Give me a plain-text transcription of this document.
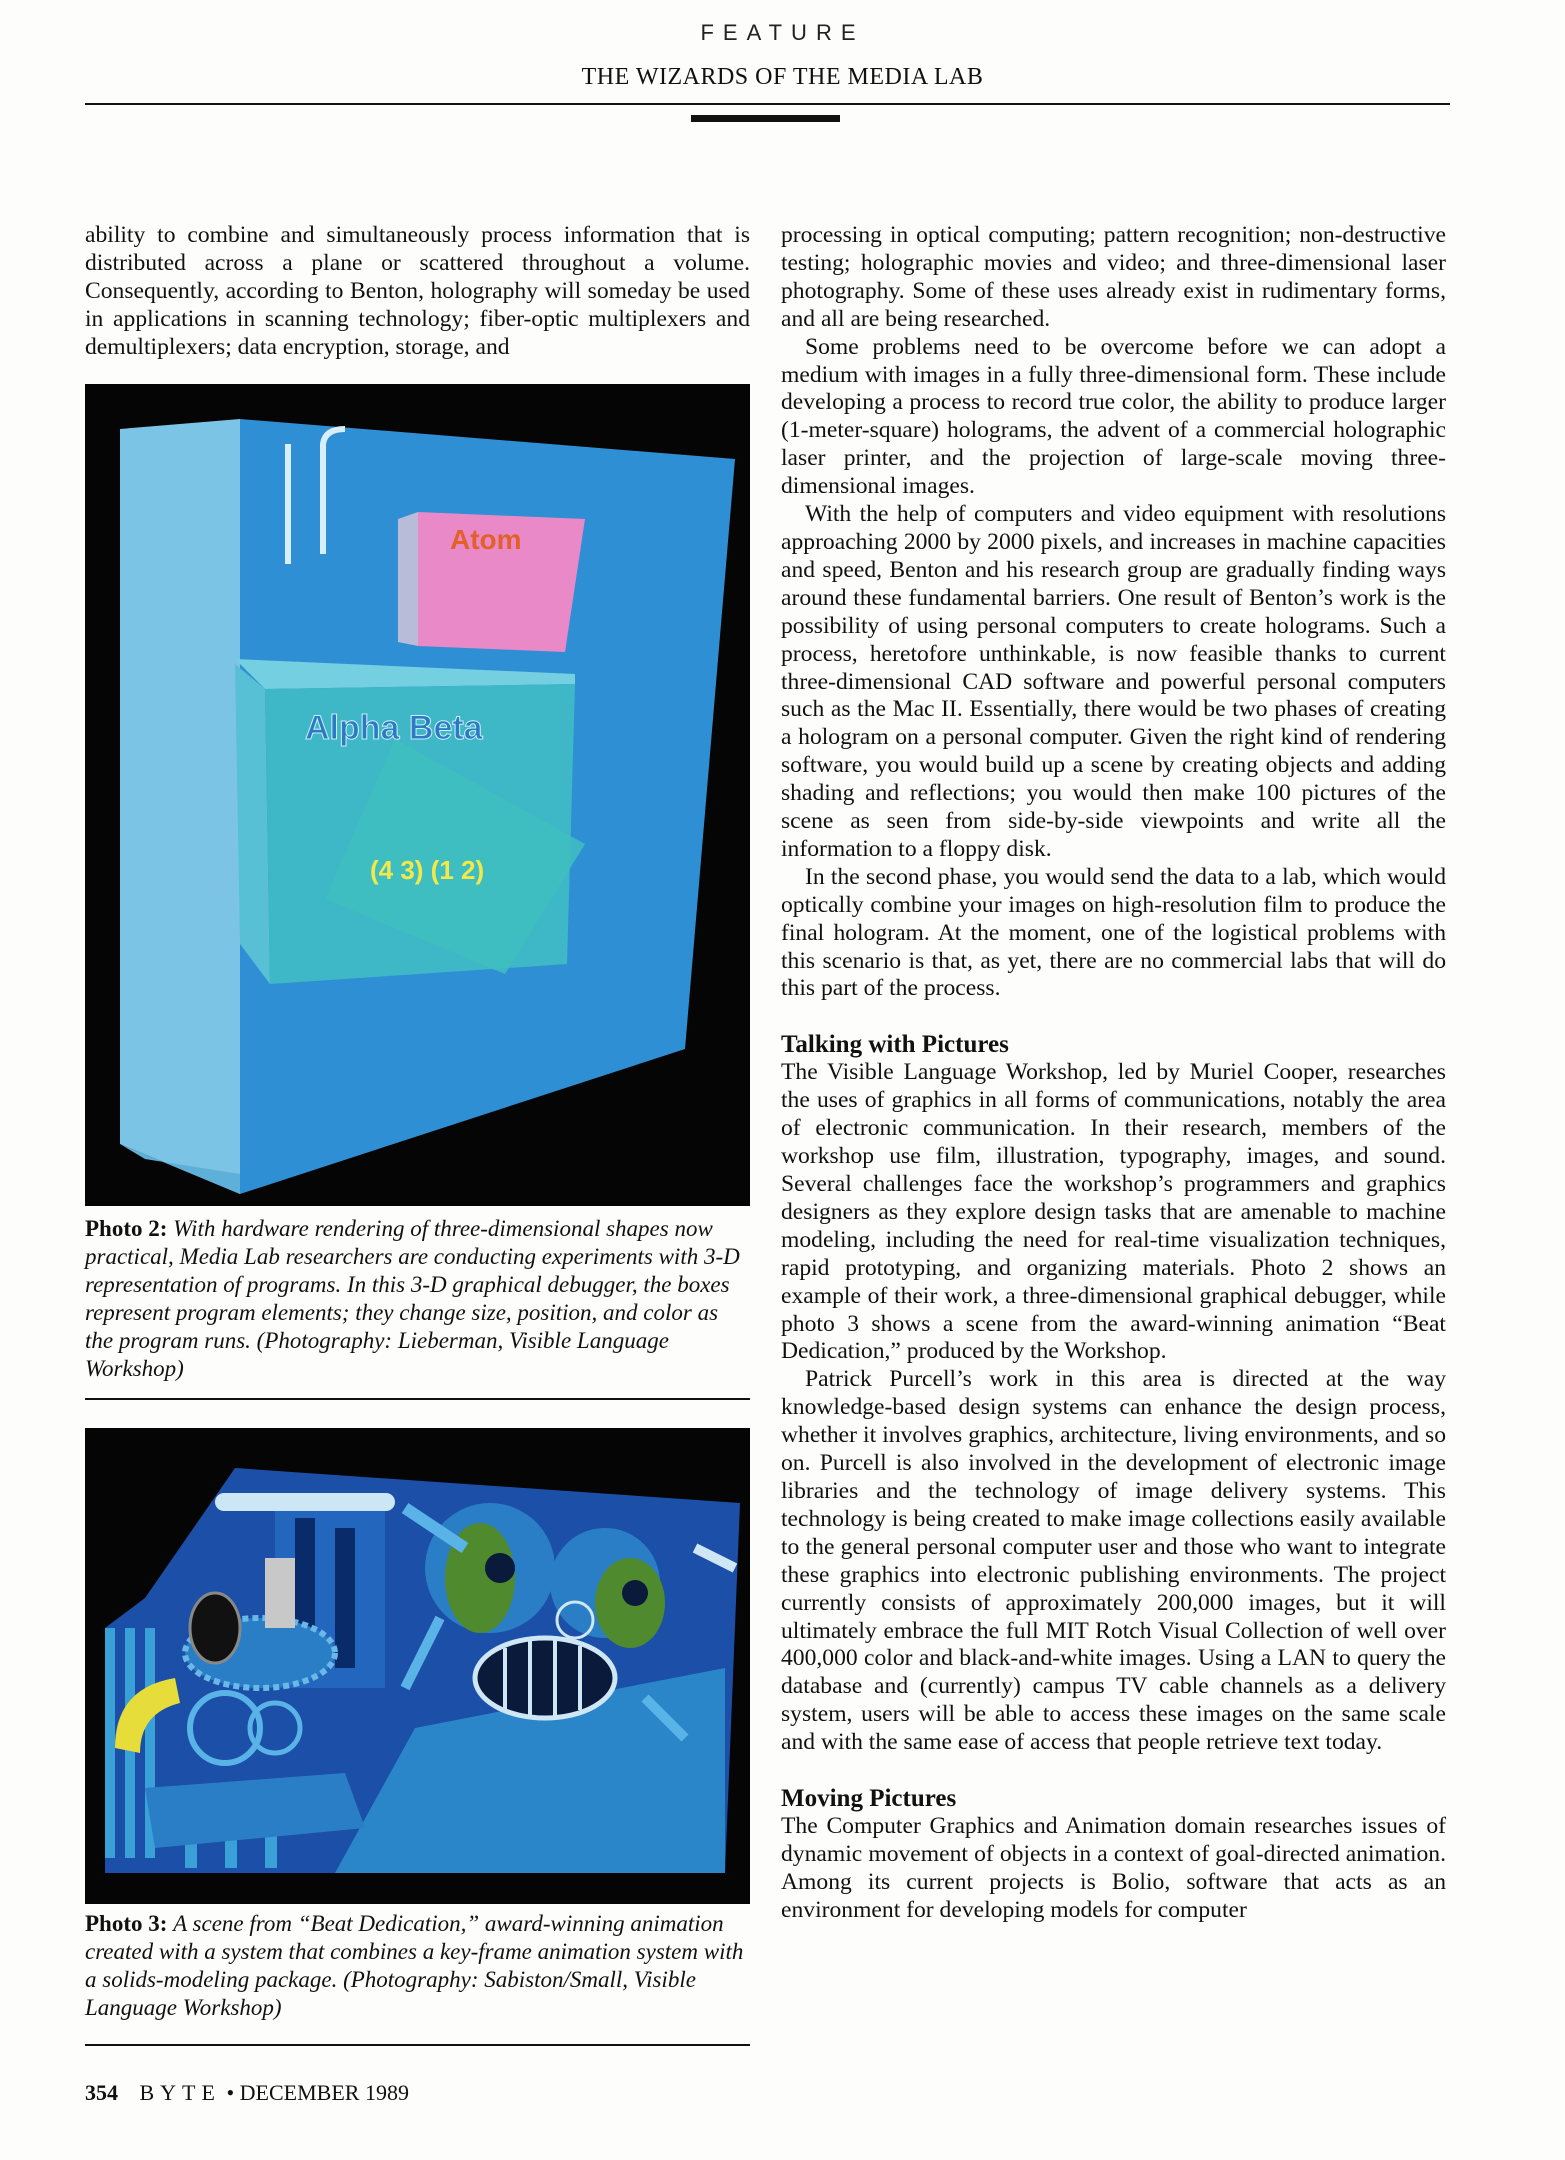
FEATURE
THE WIZARDS OF THE MEDIA LAB

ability to combine and simultaneously process information that is distributed across a plane or scattered throughout a volume. Consequently, according to Benton, holography will someday be used in applications in scanning technology; fiber-optic multiplexers and demultiplexers; data encryption, storage, and

Atom
Alpha Beta
(4 3) (1 2)
Photo 2: With hardware rendering of three-dimensional shapes now practical, Media Lab researchers are conducting experiments with 3-D representation of programs. In this 3-D graphical debugger, the boxes represent program elements; they change size, position, and color as the program runs. (Photography: Lieberman, Visible Language Workshop)
Photo 3: A scene from “Beat Dedication,” award-winning animation created with a system that combines a key-frame animation system with a solids-modeling package. (Photography: Sabiston/Small, Visible Language Workshop)

processing in optical computing; pattern recognition; non-destructive testing; holographic movies and video; and three-dimensional laser photography. Some of these uses already exist in rudimentary forms, and all are being researched.

Some problems need to be overcome before we can adopt a medium with images in a fully three-dimensional form. These include developing a process to record true color, the ability to produce larger (1-meter-square) holograms, the advent of a commercial holographic laser printer, and the projection of large-scale moving three-dimensional images.

With the help of computers and video equipment with resolutions approaching 2000 by 2000 pixels, and increases in machine capacities and speed, Benton and his research group are gradually finding ways around these fundamental barriers. One result of Benton’s work is the possibility of using personal computers to create holograms. Such a process, heretofore unthinkable, is now feasible thanks to current three-dimensional CAD software and powerful personal computers such as the Mac II. Essentially, there would be two phases of creating a hologram on a personal computer. Given the right kind of rendering software, you would build up a scene by creating objects and adding shading and reflections; you would then make 100 pictures of the scene as seen from side-by-side viewpoints and write all the information to a floppy disk.

In the second phase, you would send the data to a lab, which would optically combine your images on high-resolution film to produce the final hologram. At the moment, one of the logistical problems with this scenario is that, as yet, there are no commercial labs that will do this part of the process.

Talking with Pictures

The Visible Language Workshop, led by Muriel Cooper, researches the uses of graphics in all forms of communications, notably the area of electronic communication. In their research, members of the workshop use film, illustration, typography, images, and sound. Several challenges face the workshop’s programmers and graphics designers as they explore design tasks that are amenable to machine modeling, including the need for real-time visualization techniques, rapid prototyping, and organizing materials. Photo 2 shows an example of their work, a three-dimensional graphical debugger, while photo 3 shows a scene from the award-winning animation “Beat Dedication,” produced by the Workshop.

Patrick Purcell’s work in this area is directed at the way knowledge-based design systems can enhance the design process, whether it involves graphics, architecture, living environments, and so on. Purcell is also involved in the development of electronic image libraries and the technology of image delivery systems. This technology is being created to make image collections easily available to the general personal computer user and those who want to integrate these graphics into electronic publishing environments. The project currently consists of approximately 200,000 images, but it will ultimately embrace the full MIT Rotch Visual Collection of well over 400,000 color and black-and-white images. Using a LAN to query the database and (currently) campus TV cable channels as a delivery system, users will be able to access these images on the same scale and with the same ease of access that people retrieve text today.

Moving Pictures

The Computer Graphics and Animation domain researches issues of dynamic movement of objects in a context of goal-directed animation. Among its current projects is Bolio, software that acts as an environment for developing models for computer

354 BYTE • DECEMBER 1989
